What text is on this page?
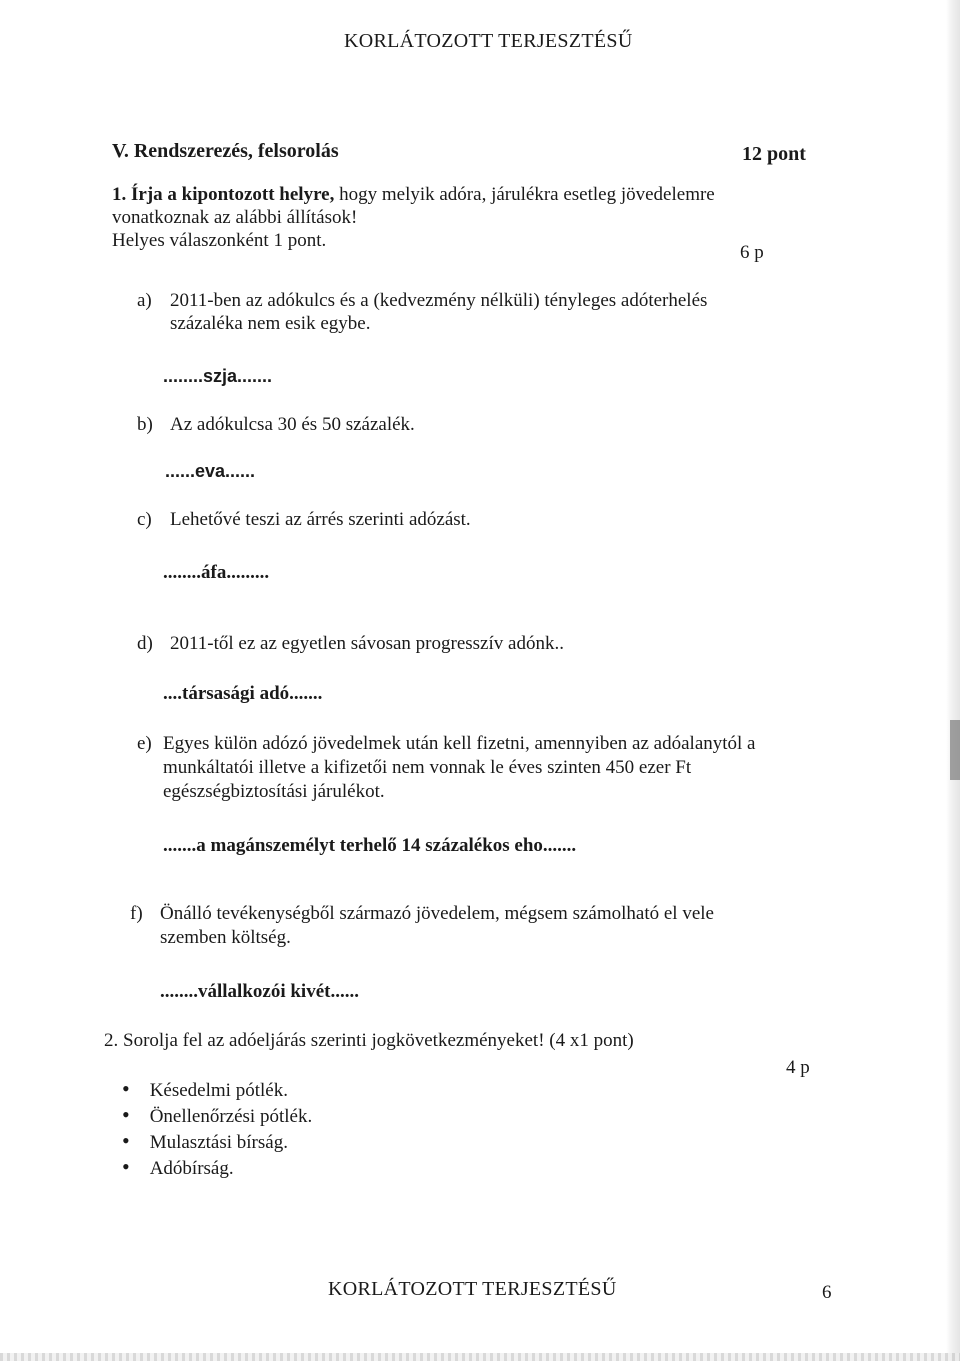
KORLÁTOZOTT TERJESZTÉSŰ
V. Rendszerezés, felsorolás	12 pont
1. Írja a kipontozott helyre, hogy melyik adóra, járulékra esetleg jövedelemre
vonatkoznak az alábbi állítások!
Helyes válaszonként 1 pont.
6 p
a) 2011-ben az adókulcs és a (kedvezmény nélküli) tényleges adóterhelés
százaléka nem esik egybe.
........szja.......
b) Az adókulcsa 30 és 50 százalék.
......eva......
c) Lehetővé teszi az árrés szerinti adózást.
........áfa.........
d) 2011-től ez az egyetlen sávosan progresszív adónk..
....társasági adó.......
e) Egyes külön adózó jövedelmek után kell fizetni, amennyiben az adóalanytól a
munkáltatói illetve a kifizetői nem vonnak le éves szinten 450 ezer Ft
egészségbiztosítási járulékot.
.......a magánszemélyt terhelő 14 százalékos eho.......
f) Önálló tevékenységből származó jövedelem, mégsem számolható el vele
szemben költség.
........vállalkozói kivét......
2. Sorolja fel az adóeljárás szerinti jogkövetkezményeket! (4 x1 pont)
4 p
• Késedelmi pótlék.
• Önellenőrzési pótlék.
• Mulasztási bírság.
• Adóbírság.
KORLÁTOZOTT TERJESZTÉSŰ	6
